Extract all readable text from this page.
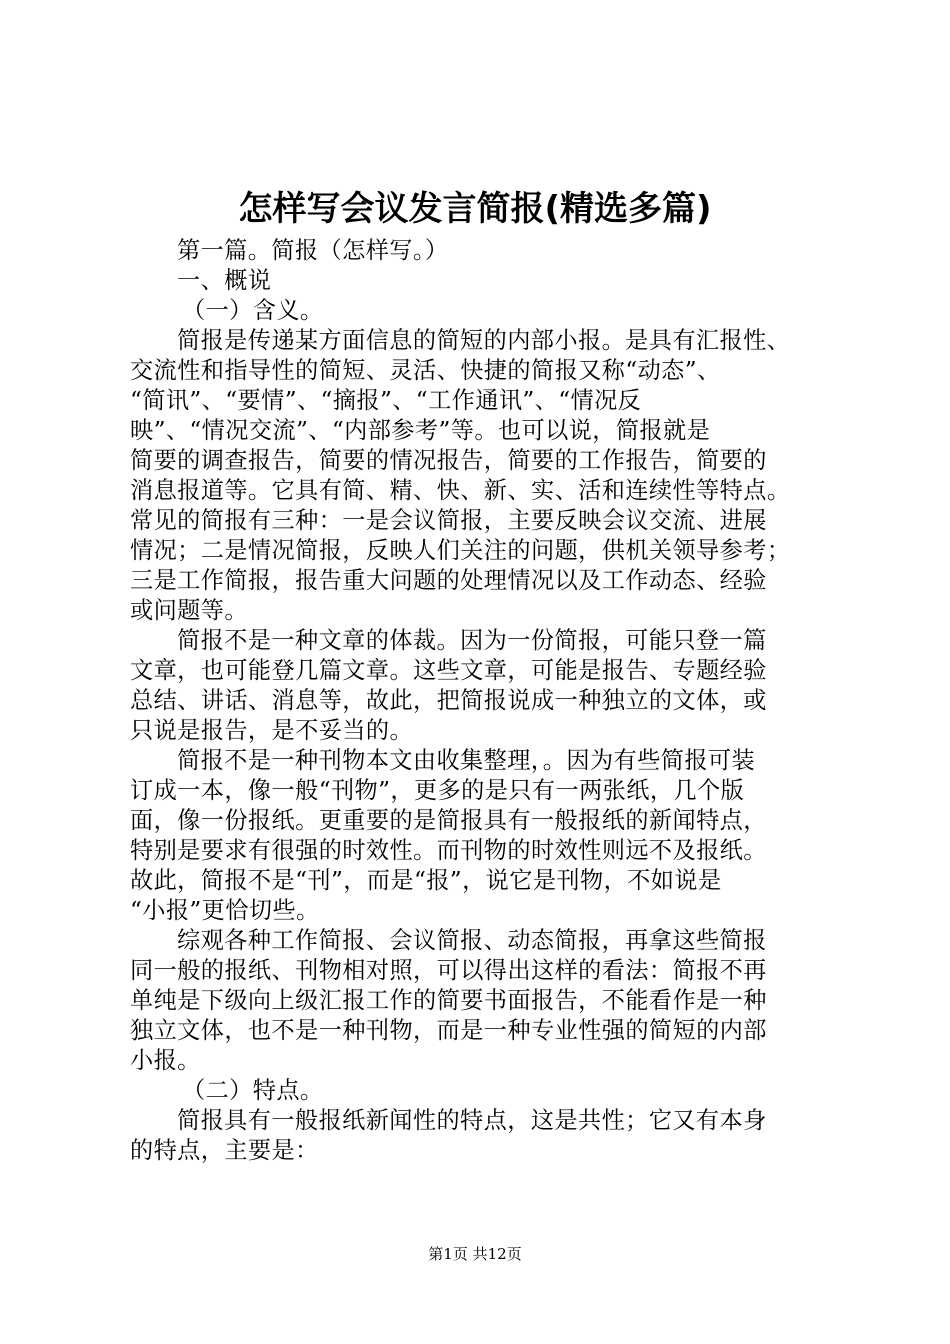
怎样写会议发言简报(精选多篇)
第一篇。简报（怎样写。）
一、概说
（一）含义。
简报是传递某方面信息的简短的内部小报。是具有汇报性、
交流性和指导性的简短、灵活、快捷的简报又称“动态”、
“简讯”、“要情”、“摘报”、“工作通讯”、“情况反
映”、“情况交流”、“内部参考”等。也可以说，简报就是
简要的调查报告，简要的情况报告，简要的工作报告，简要的
消息报道等。它具有简、精、快、新、实、活和连续性等特点。
常见的简报有三种：一是会议简报，主要反映会议交流、进展
情况；二是情况简报，反映人们关注的问题，供机关领导参考；
三是工作简报，报告重大问题的处理情况以及工作动态、经验
或问题等。
简报不是一种文章的体裁。因为一份简报，可能只登一篇
文章，也可能登几篇文章。这些文章，可能是报告、专题经验
总结、讲话、消息等，故此，把简报说成一种独立的文体，或
只说是报告，是不妥当的。
简报不是一种刊物本文由收集整理，。因为有些简报可装
订成一本，像一般“刊物”，更多的是只有一两张纸，几个版
面，像一份报纸。更重要的是简报具有一般报纸的新闻特点，
特别是要求有很强的时效性。而刊物的时效性则远不及报纸。
故此，简报不是“刊”，而是“报”，说它是刊物，不如说是
“小报”更恰切些。
综观各种工作简报、会议简报、动态简报，再拿这些简报
同一般的报纸、刊物相对照，可以得出这样的看法：简报不再
单纯是下级向上级汇报工作的简要书面报告，不能看作是一种
独立文体，也不是一种刊物，而是一种专业性强的简短的内部
小报。
（二）特点。
简报具有一般报纸新闻性的特点，这是共性；它又有本身
的特点，主要是：
第1页 共12页
